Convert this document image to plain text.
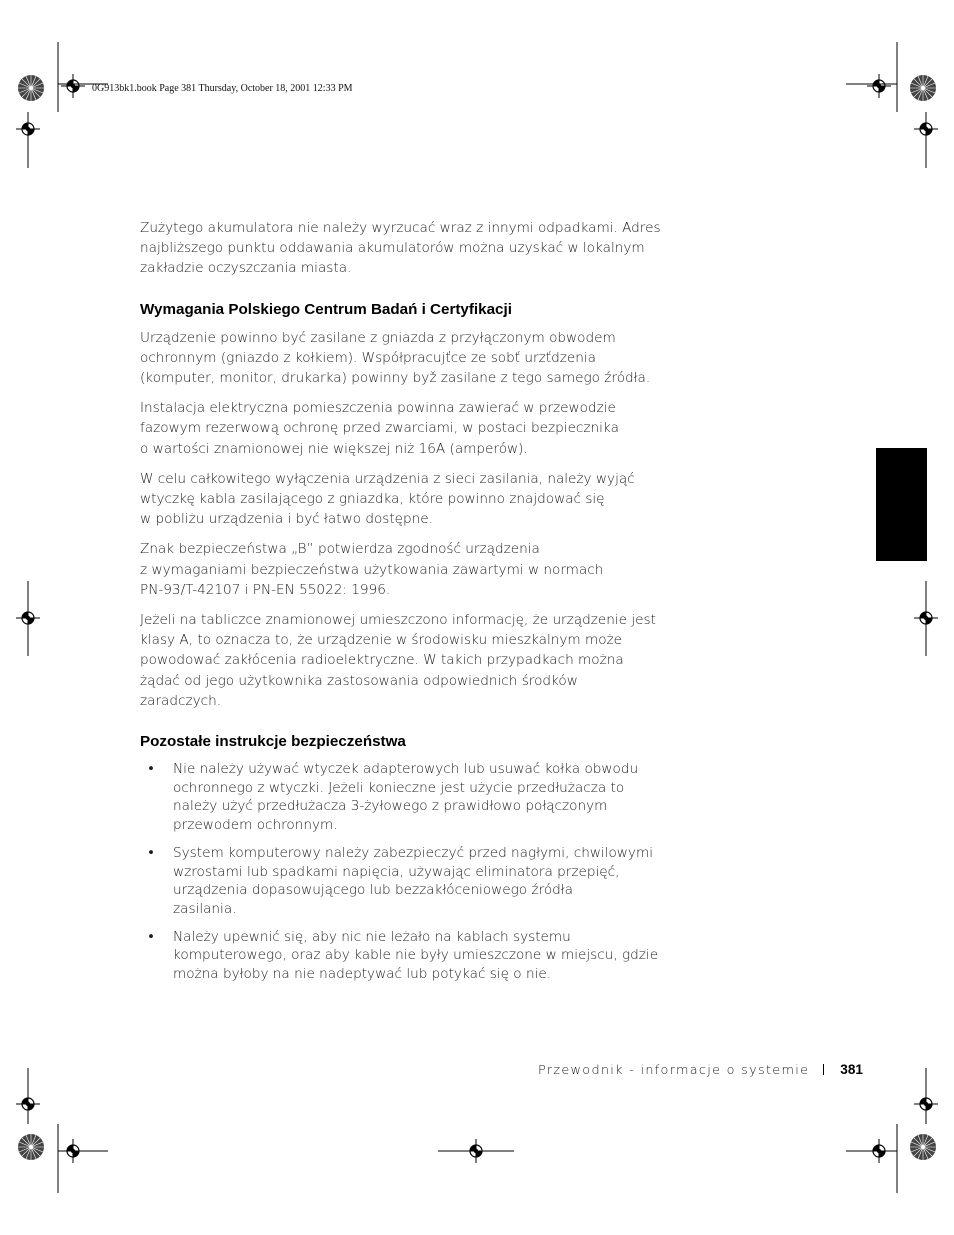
0G913bk1.book Page 381 Thursday, October 18, 2001 12:33 PM
Zużytego akumulatora nie należy wyrzucać wraz z innymi odpadkami. Adres
najbliższego punktu oddawania akumulatorów można uzyskać w lokalnym
zakładzie oczyszczania miasta.
Wymagania Polskiego Centrum Badań i Certyfikacji
Urządzenie powinno być zasilane z gniazda z przyłączonym obwodem
ochronnym (gniazdo z kołkiem). Współpracujťce ze sobť urzťdzenia
(komputer, monitor, drukarka) powinny byž zasilane z tego samego źródła.
Instalacja elektryczna pomieszczenia powinna zawierać w przewodzie
fazowym rezerwową ochronę przed zwarciami, w postaci bezpiecznika
o wartości znamionowej nie większej niż 16A (amperów).
W celu całkowitego wyłączenia urządzenia z sieci zasilania, należy wyjąć
wtyczkę kabla zasilającego z gniazdka, które powinno znajdować się
w pobliżu urządzenia i być łatwo dostępne.
Znak bezpieczeństwa „B” potwierdza zgodność urządzenia
z wymaganiami bezpieczeństwa użytkowania zawartymi w normach
PN-93/T-42107 i PN-EN 55022: 1996.
Jeżeli na tabliczce znamionowej umieszczono informację, że urządzenie jest
klasy A, to oznacza to, że urządzenie w środowisku mieszkalnym może
powodować zakłócenia radioelektryczne. W takich przypadkach można
żądać od jego użytkownika zastosowania odpowiednich środków
zaradczych.
Pozostałe instrukcje bezpieczeństwa
• Nie należy używać wtyczek adapterowych lub usuwać kołka obwodu
ochronnego z wtyczki. Jeżeli konieczne jest użycie przedłużacza to
należy użyć przedłużacza 3-żyłowego z prawidłowo połączonym
przewodem ochronnym.
• System komputerowy należy zabezpieczyć przed nagłymi, chwilowymi
wzrostami lub spadkami napięcia, używając eliminatora przepięć,
urządzenia dopasowującego lub bezzakłóceniowego źródła
zasilania.
• Należy upewnić się, aby nic nie leżało na kablach systemu
komputerowego, oraz aby kable nie były umieszczone w miejscu, gdzie
można byłoby na nie nadeptywać lub potykać się o nie.
Przewodnik - informacje o systemie 381
